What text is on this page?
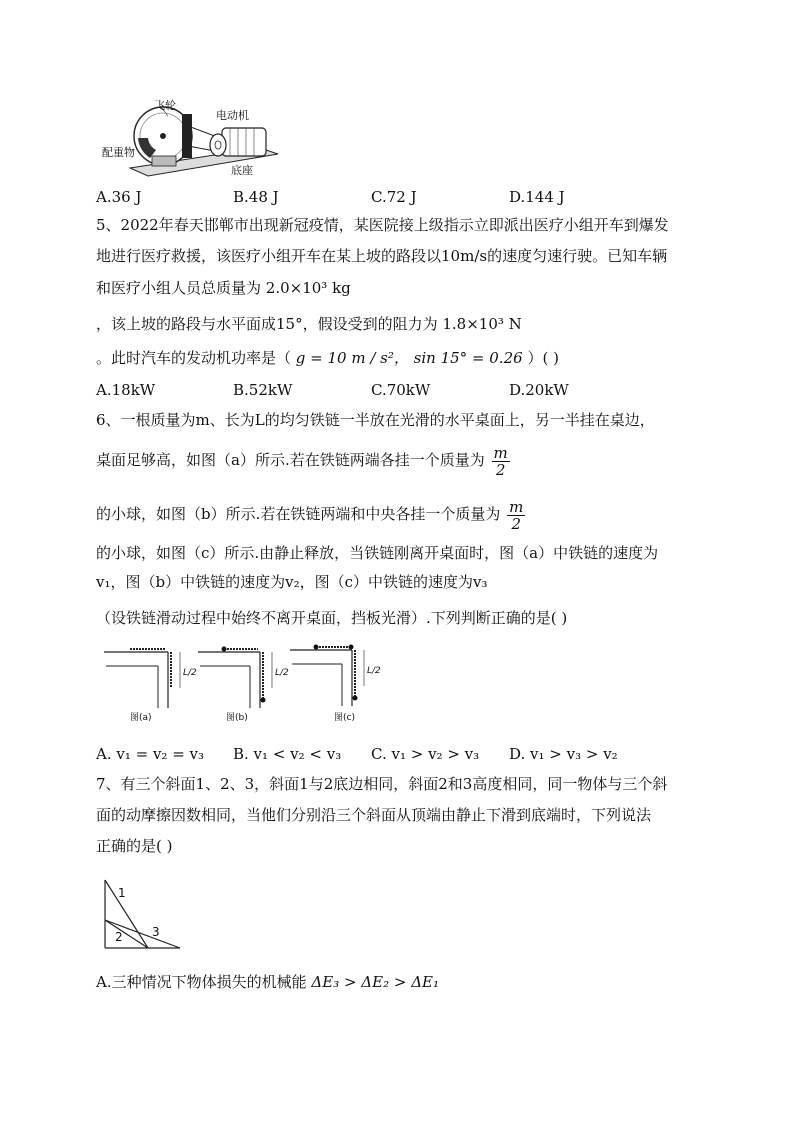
飞轮
电动机
配重物
底座
A.36 J	B.48 J	C.72 J	D.144 J
5、2022年春天邯郸市出现新冠疫情，某医院接上级指示立即派出医疗小组开车到爆发
地进行医疗救援，该医疗小组开车在某上坡的路段以10m/s的速度匀速行驶。已知车辆
和医疗小组人员总质量为 2.0×10³ kg
，该上坡的路段与水平面成15°，假设受到的阻力为 1.8×10³ N
。此时汽车的发动机功率是（ g = 10 m / s²， sin 15° = 0.26 ）( )
A.18kW	B.52kW	C.70kW	D.20kW
6、一根质量为m、长为L的均匀铁链一半放在光滑的水平桌面上，另一半挂在桌边，
桌面足够高，如图（a）所示.若在铁链两端各挂一个质量为 $\frac{m}{2}$
的小球，如图（b）所示.若在铁链两端和中央各挂一个质量为 $\frac{m}{2}$
的小球，如图（c）所示.由静止释放，当铁链刚离开桌面时，图（a）中铁链的速度为
v₁，图（b）中铁链的速度为v₂，图（c）中铁链的速度为v₃
（设铁链滑动过程中始终不离开桌面，挡板光滑）.下列判断正确的是( )
图(a)	图(b)	图(c)
L/2	L/2	L/2
A. v₁ = v₂ = v₃ B. v₁ < v₂ < v₃ C. v₁ > v₂ > v₃ D. v₁ > v₃ > v₂
7、有三个斜面1、2、3，斜面1与2底边相同，斜面2和3高度相同，同一物体与三个斜
面的动摩擦因数相同，当他们分别沿三个斜面从顶端由静止下滑到底端时，下列说法
正确的是( )
1
2 3
A.三种情况下物体损失的机械能 ΔE₃ > ΔE₂ > ΔE₁
